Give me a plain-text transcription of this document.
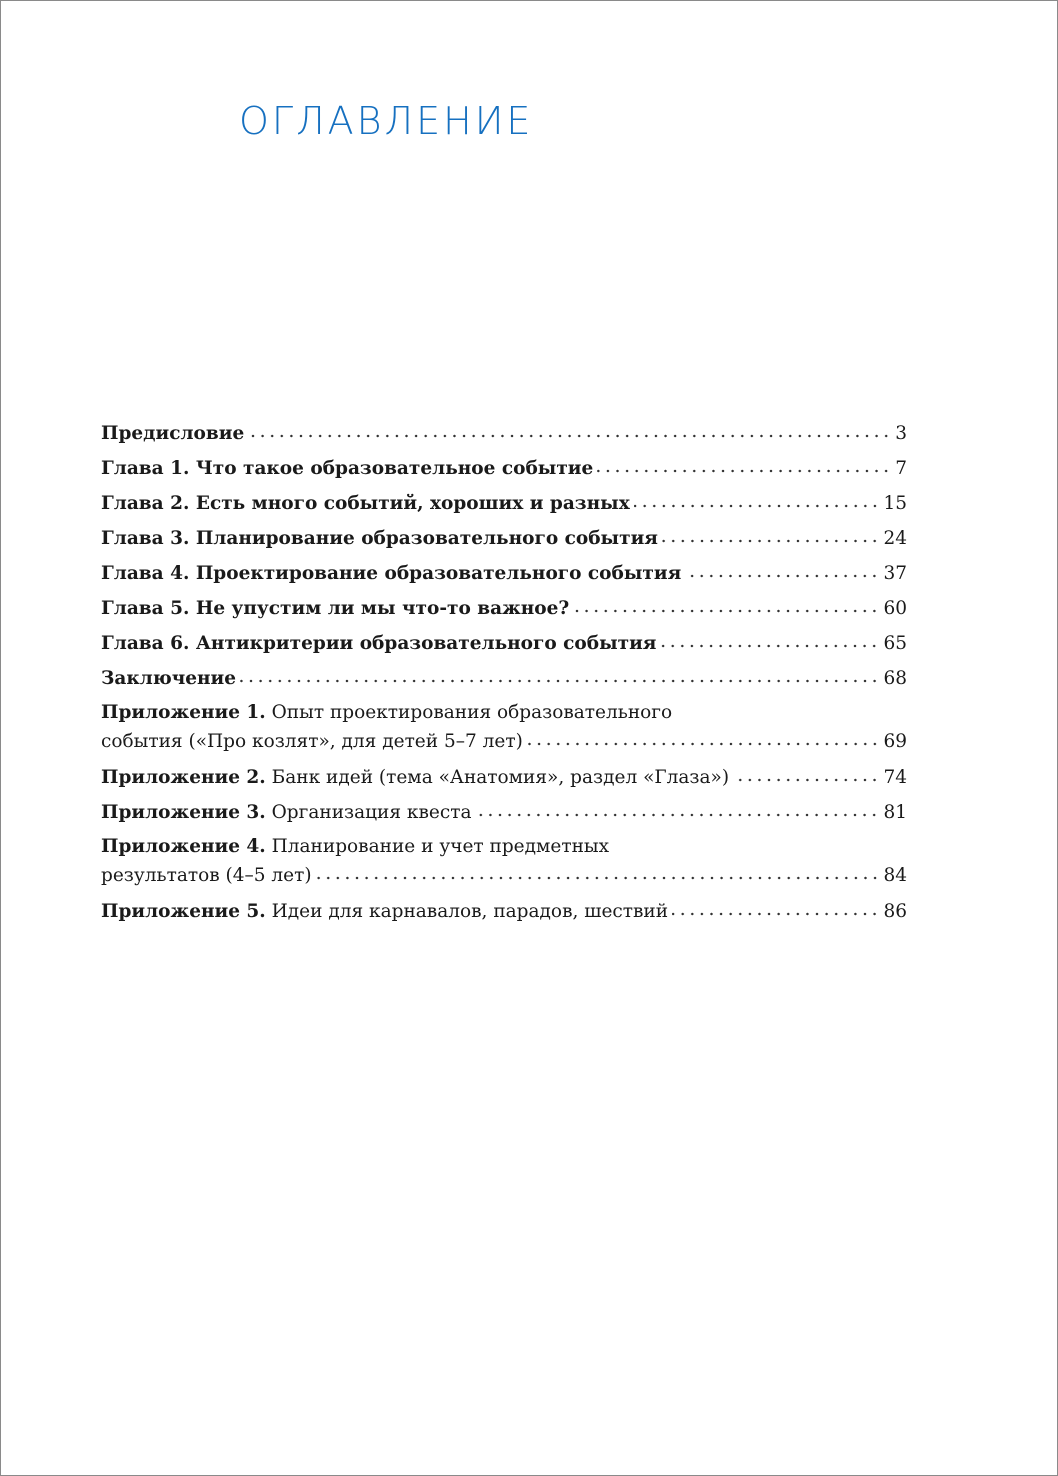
ОГЛАВЛЕНИЕ
Предисловие	3
Глава 1. Что такое образовательное событие	7
Глава 2. Есть много событий, хороших и разных	15
Глава 3. Планирование образовательного события	24
Глава 4. Проектирование образовательного события	37
Глава 5. Не упустим ли мы что-то важное?	60
Глава 6. Антикритерии образовательного события	65
Заключение	68
Приложение 1. Опыт проектирования образовательного
события («Про козлят», для детей 5–7 лет)	69
Приложение 2. Банк идей (тема «Анатомия», раздел «Глаза»)	74
Приложение 3. Организация квеста	81
Приложение 4. Планирование и учет предметных
результатов (4–5 лет)	84
Приложение 5. Идеи для карнавалов, парадов, шествий	86
